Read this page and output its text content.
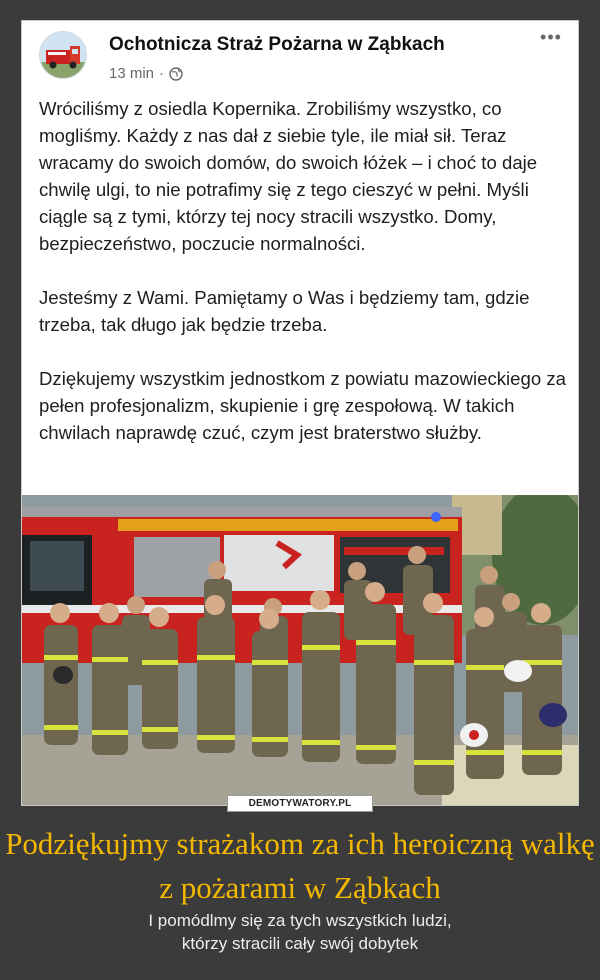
Ochotnicza Straż Pożarna w Ząbkach
13 min ·
•••

Wróciliśmy z osiedla Kopernika. Zrobiliśmy wszystko, co mogliśmy. Każdy z nas dał z siebie tyle, ile miał sił. Teraz wracamy do swoich domów, do swoich łóżek – i choć to daje chwilę ulgi, to nie potrafimy się z tego cieszyć w pełni. Myśli ciągle są z tymi, którzy tej nocy stracili wszystko. Domy, bezpieczeństwo, poczucie normalności.

Jesteśmy z Wami. Pamiętamy o Was i będziemy tam, gdzie trzeba, tak długo jak będzie trzeba.

Dziękujemy wszystkim jednostkom z powiatu mazowieckiego za pełen profesjonalizm, skupienie i grę zespołową. W takich chwilach naprawdę czuć, czym jest braterstwo służby.

DEMOTYWATORY.PL
Podziękujmy strażakom za ich heroiczną walkę z pożarami w Ząbkach
I pomódlmy się za tych wszystkich ludzi,
którzy stracili cały swój dobytek
